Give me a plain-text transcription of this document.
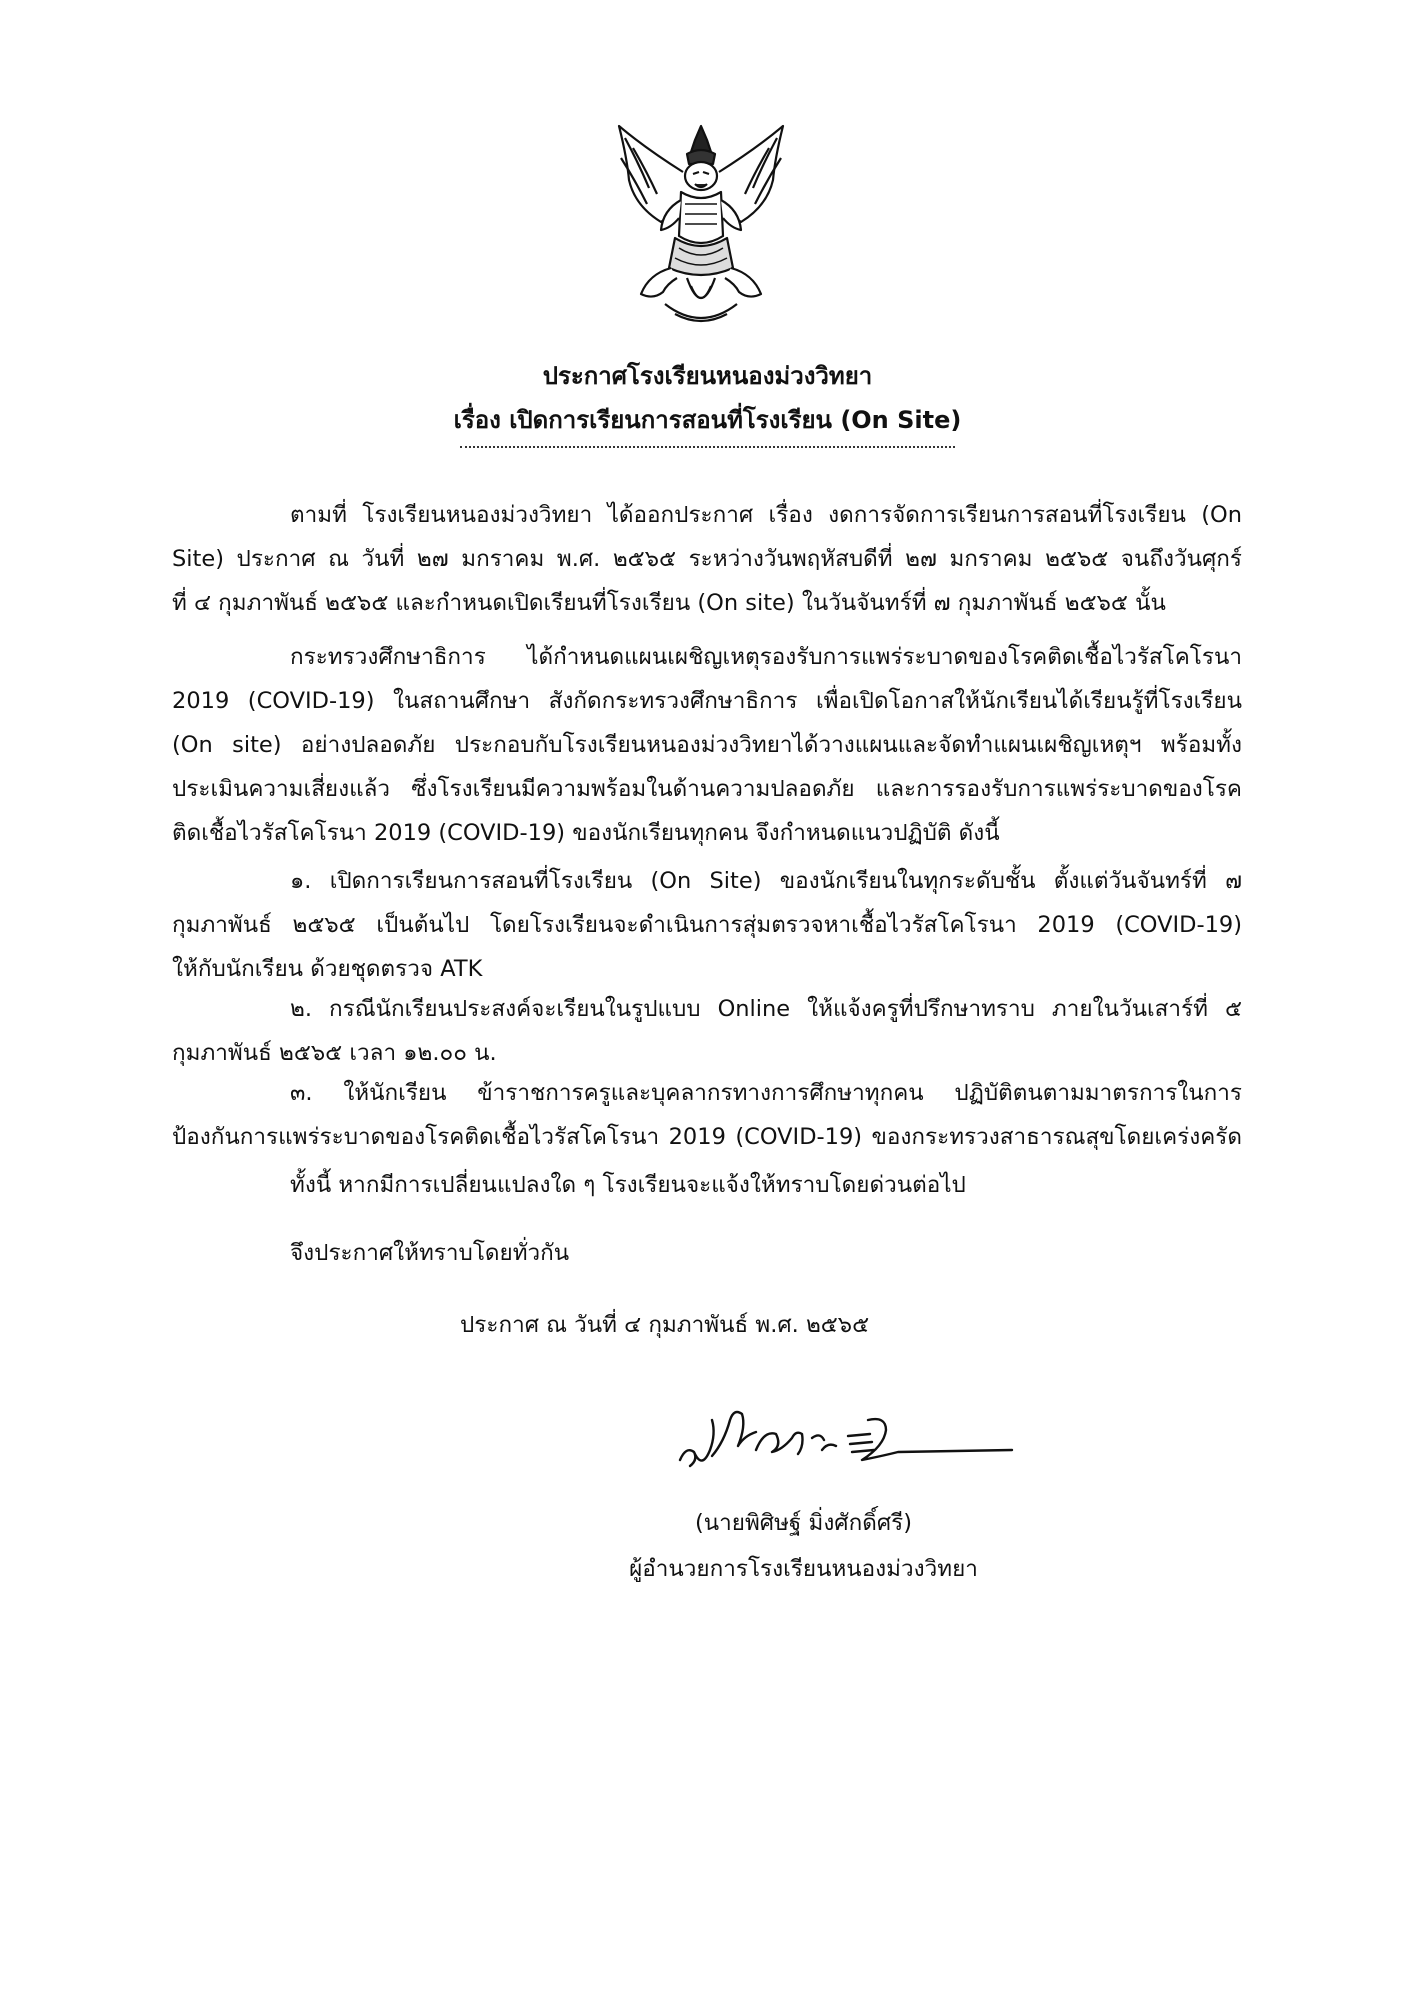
ประกาศโรงเรียนหนองม่วงวิทยา
เรื่อง เปิดการเรียนการสอนที่โรงเรียน (On Site)
ตามที่ โรงเรียนหนองม่วงวิทยา ได้ออกประกาศ เรื่อง งดการจัดการเรียนการสอนที่โรงเรียน (On
Site) ประกาศ ณ วันที่ ๒๗ มกราคม พ.ศ. ๒๕๖๕ ระหว่างวันพฤหัสบดีที่ ๒๗ มกราคม ๒๕๖๕ จนถึงวันศุกร์
ที่ ๔ กุมภาพันธ์ ๒๕๖๕ และกำหนดเปิดเรียนที่โรงเรียน (On site) ในวันจันทร์ที่ ๗ กุมภาพันธ์ ๒๕๖๕ นั้น
กระทรวงศึกษาธิการ ได้กำหนดแผนเผชิญเหตุรองรับการแพร่ระบาดของโรคติดเชื้อไวรัสโคโรนา
2019 (COVID-19) ในสถานศึกษา สังกัดกระทรวงศึกษาธิการ เพื่อเปิดโอกาสให้นักเรียนได้เรียนรู้ที่โรงเรียน
(On site) อย่างปลอดภัย ประกอบกับโรงเรียนหนองม่วงวิทยาได้วางแผนและจัดทำแผนเผชิญเหตุฯ พร้อมทั้ง
ประเมินความเสี่ยงแล้ว ซึ่งโรงเรียนมีความพร้อมในด้านความปลอดภัย และการรองรับการแพร่ระบาดของโรค
ติดเชื้อไวรัสโคโรนา 2019 (COVID-19) ของนักเรียนทุกคน จึงกำหนดแนวปฏิบัติ ดังนี้
๑. เปิดการเรียนการสอนที่โรงเรียน (On Site) ของนักเรียนในทุกระดับชั้น ตั้งแต่วันจันทร์ที่ ๗
กุมภาพันธ์ ๒๕๖๕ เป็นต้นไป โดยโรงเรียนจะดำเนินการสุ่มตรวจหาเชื้อไวรัสโคโรนา 2019 (COVID-19)
ให้กับนักเรียน ด้วยชุดตรวจ ATK
๒. กรณีนักเรียนประสงค์จะเรียนในรูปแบบ Online ให้แจ้งครูที่ปรึกษาทราบ ภายในวันเสาร์ที่ ๕
กุมภาพันธ์ ๒๕๖๕ เวลา ๑๒.๐๐ น.
๓. ให้นักเรียน ข้าราชการครูและบุคลากรทางการศึกษาทุกคน ปฏิบัติตนตามมาตรการในการ
ป้องกันการแพร่ระบาดของโรคติดเชื้อไวรัสโคโรนา 2019 (COVID-19) ของกระทรวงสาธารณสุขโดยเคร่งครัด
ทั้งนี้ หากมีการเปลี่ยนแปลงใด ๆ โรงเรียนจะแจ้งให้ทราบโดยด่วนต่อไป
จึงประกาศให้ทราบโดยทั่วกัน
ประกาศ ณ วันที่ ๔ กุมภาพันธ์ พ.ศ. ๒๕๖๕
(นายพิศิษฐ์ มิ่งศักดิ์ศรี)
ผู้อำนวยการโรงเรียนหนองม่วงวิทยา
